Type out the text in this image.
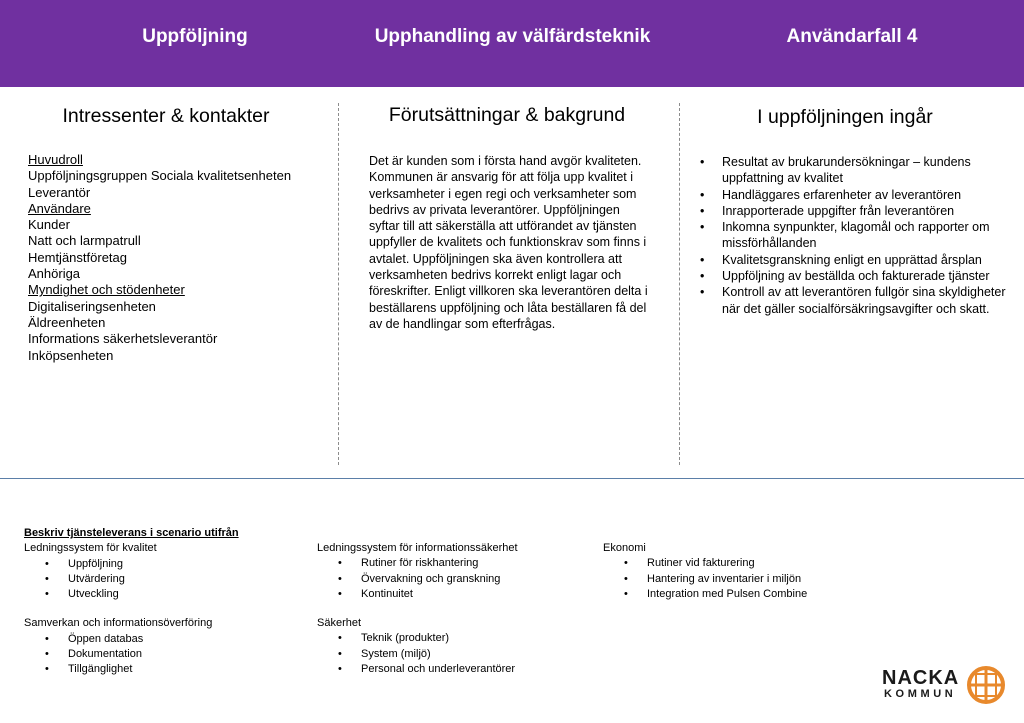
Uppföljning	Upphandling av välfärdsteknik	Användarfall 4
Intressenter & kontakter
Huvudroll
Uppföljningsgruppen Sociala kvalitetsenheten
Leverantör
Användare
Kunder
Natt och larmpatrull
Hemtjänstföretag
Anhöriga
Myndighet och stödenheter
Digitaliseringsenheten
Äldreenheten
Informations säkerhetsleverantör
Inköpsenheten
Förutsättningar & bakgrund
Det är kunden som i första hand avgör kvaliteten.
Kommunen är ansvarig för att följa upp kvalitet i
verksamheter i egen regi och verksamheter som
bedrivs av privata leverantörer. Uppföljningen
syftar till att säkerställa att utförandet av tjänsten
uppfyller de kvalitets och funktionskrav som finns i
avtalet. Uppföljningen ska även kontrollera att
verksamheten bedrivs korrekt enligt lagar och
föreskrifter. Enligt villkoren ska leverantören delta i
beställarens uppföljning och låta beställaren få del
av de handlingar som efterfrågas.
I uppföljningen ingår
• Resultat av brukarundersökningar – kundens uppfattning av kvalitet
• Handläggares erfarenheter av leverantören
• Inrapporterade uppgifter från leverantören
• Inkomna synpunkter, klagomål och rapporter om missförhållanden
• Kvalitetsgranskning enligt en upprättad årsplan
• Uppföljning av beställda och fakturerade tjänster
• Kontroll av att leverantören fullgör sina skyldigheter när det gäller socialförsäkringsavgifter och skatt.
Beskriv tjänsteleverans i scenario utifrån
Ledningssystem för kvalitet
• Uppföljning
• Utvärdering
• Utveckling
Samverkan och informationsöverföring
• Öppen databas
• Dokumentation
• Tillgänglighet
Ledningssystem för informationssäkerhet
• Rutiner för riskhantering
• Övervakning och granskning
• Kontinuitet
Säkerhet
• Teknik (produkter)
• System (miljö)
• Personal och underleverantörer
Ekonomi
• Rutiner vid fakturering
• Hantering av inventarier i miljön
• Integration med Pulsen Combine
NACKA
KOMMUN
